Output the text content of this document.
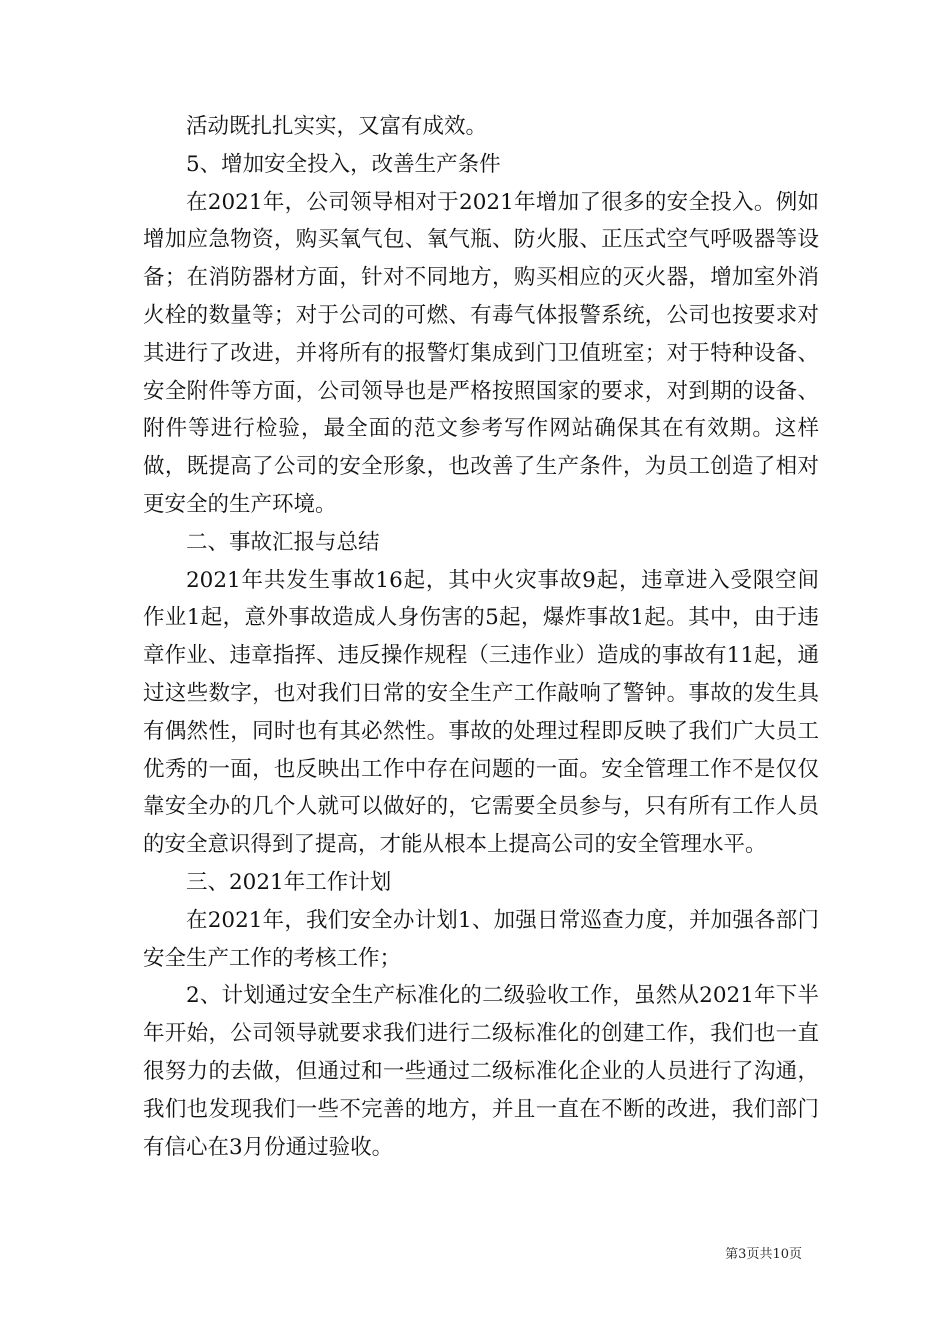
活动既扎扎实实，又富有成效。

5、增加安全投入，改善生产条件

在2021年，公司领导相对于2021年增加了很多的安全投入。例如增加应急物资，购买氧气包、氧气瓶、防火服、正压式空气呼吸器等设备；在消防器材方面，针对不同地方，购买相应的灭火器，增加室外消火栓的数量等；对于公司的可燃、有毒气体报警系统，公司也按要求对其进行了改进，并将所有的报警灯集成到门卫值班室；对于特种设备、安全附件等方面，公司领导也是严格按照国家的要求，对到期的设备、附件等进行检验，最全面的范文参考写作网站确保其在有效期。这样做，既提高了公司的安全形象，也改善了生产条件，为员工创造了相对更安全的生产环境。

二、事故汇报与总结

2021年共发生事故16起，其中火灾事故9起，违章进入受限空间作业1起，意外事故造成人身伤害的5起，爆炸事故1起。其中，由于违章作业、违章指挥、违反操作规程（三违作业）造成的事故有11起，通过这些数字，也对我们日常的安全生产工作敲响了警钟。事故的发生具有偶然性，同时也有其必然性。事故的处理过程即反映了我们广大员工优秀的一面，也反映出工作中存在问题的一面。安全管理工作不是仅仅靠安全办的几个人就可以做好的，它需要全员参与，只有所有工作人员的安全意识得到了提高，才能从根本上提高公司的安全管理水平。

三、2021年工作计划

在2021年，我们安全办计划1、加强日常巡查力度，并加强各部门安全生产工作的考核工作；

2、计划通过安全生产标准化的二级验收工作，虽然从2021年下半年开始，公司领导就要求我们进行二级标准化的创建工作，我们也一直很努力的去做，但通过和一些通过二级标准化企业的人员进行了沟通，我们也发现我们一些不完善的地方，并且一直在不断的改进，我们部门有信心在3月份通过验收。

第3页共10页
